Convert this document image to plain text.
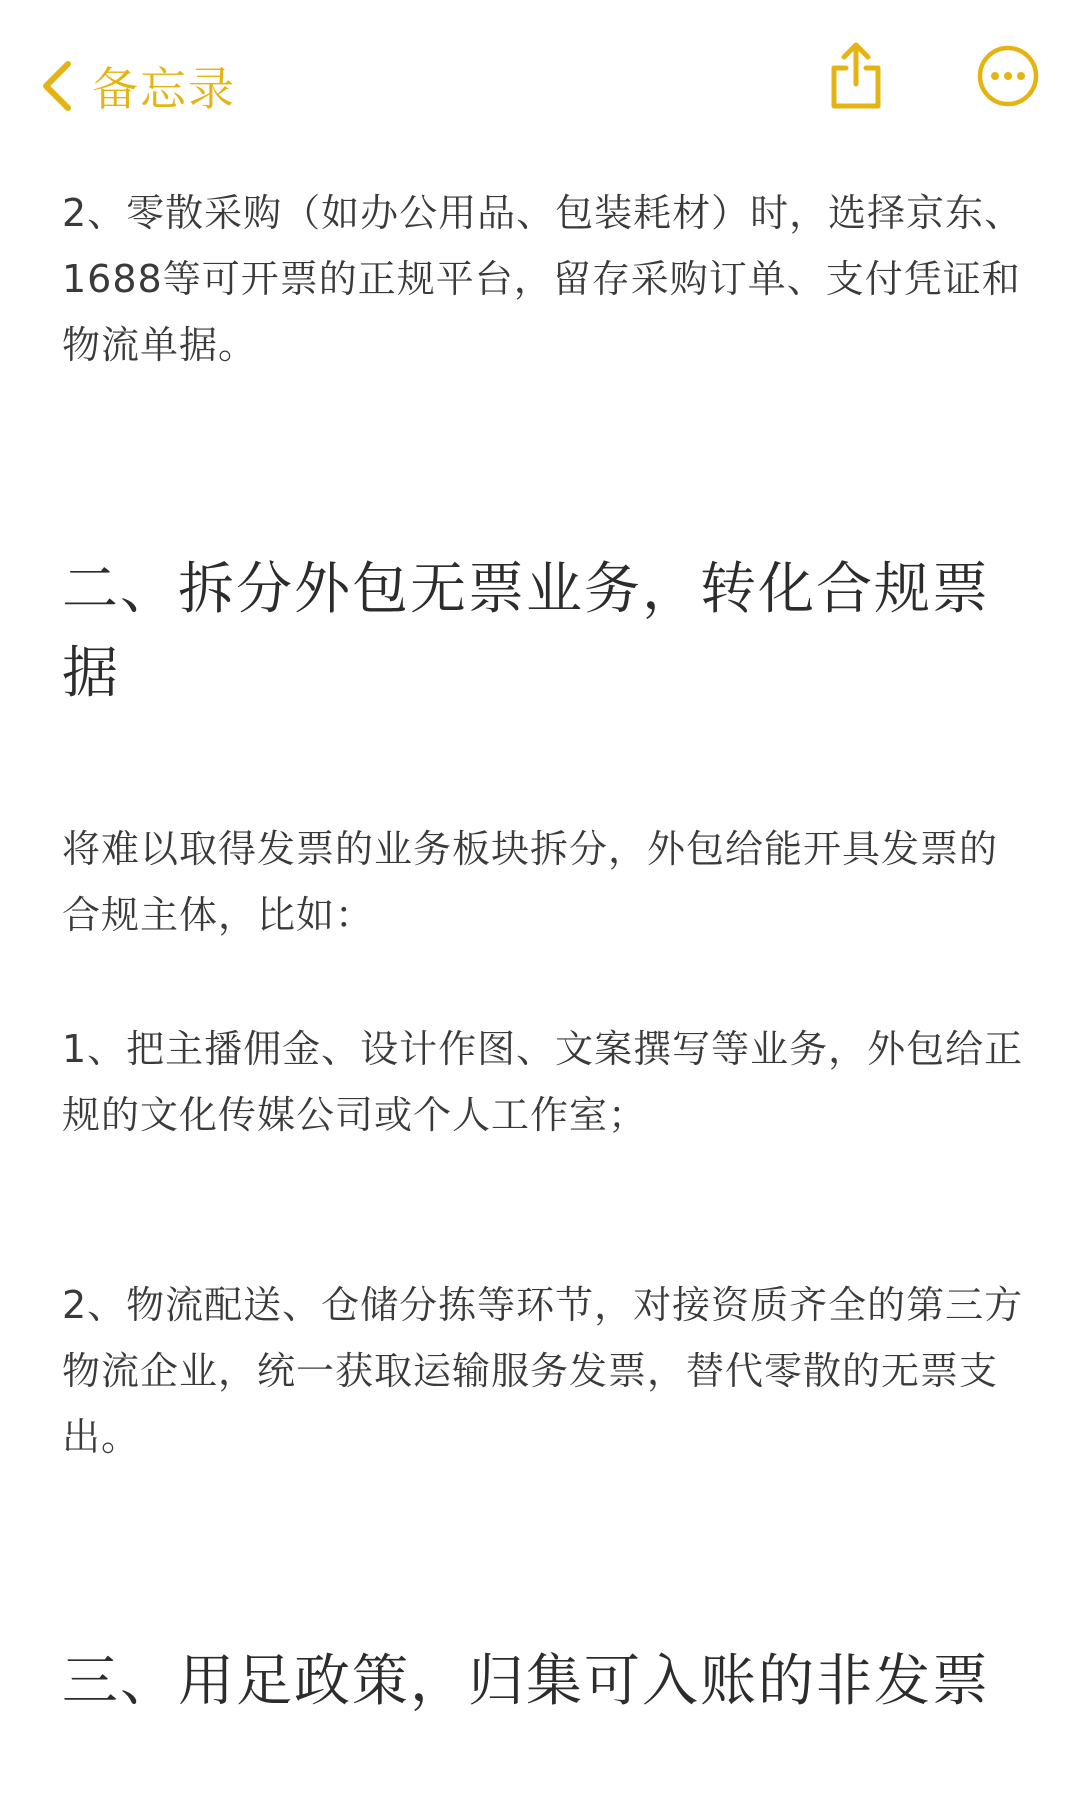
备忘录

2、零散采购（如办公用品、包装耗材）时，选择京东、1688等可开票的正规平台，留存采购订单、支付凭证和物流单据。

二、拆分外包无票业务，转化合规票据

将难以取得发票的业务板块拆分，外包给能开具发票的合规主体，比如：

1、把主播佣金、设计作图、文案撰写等业务，外包给正规的文化传媒公司或个人工作室；

2、物流配送、仓储分拣等环节，对接资质齐全的第三方物流企业，统一获取运输服务发票，替代零散的无票支出。

三、用足政策，归集可入账的非发票
